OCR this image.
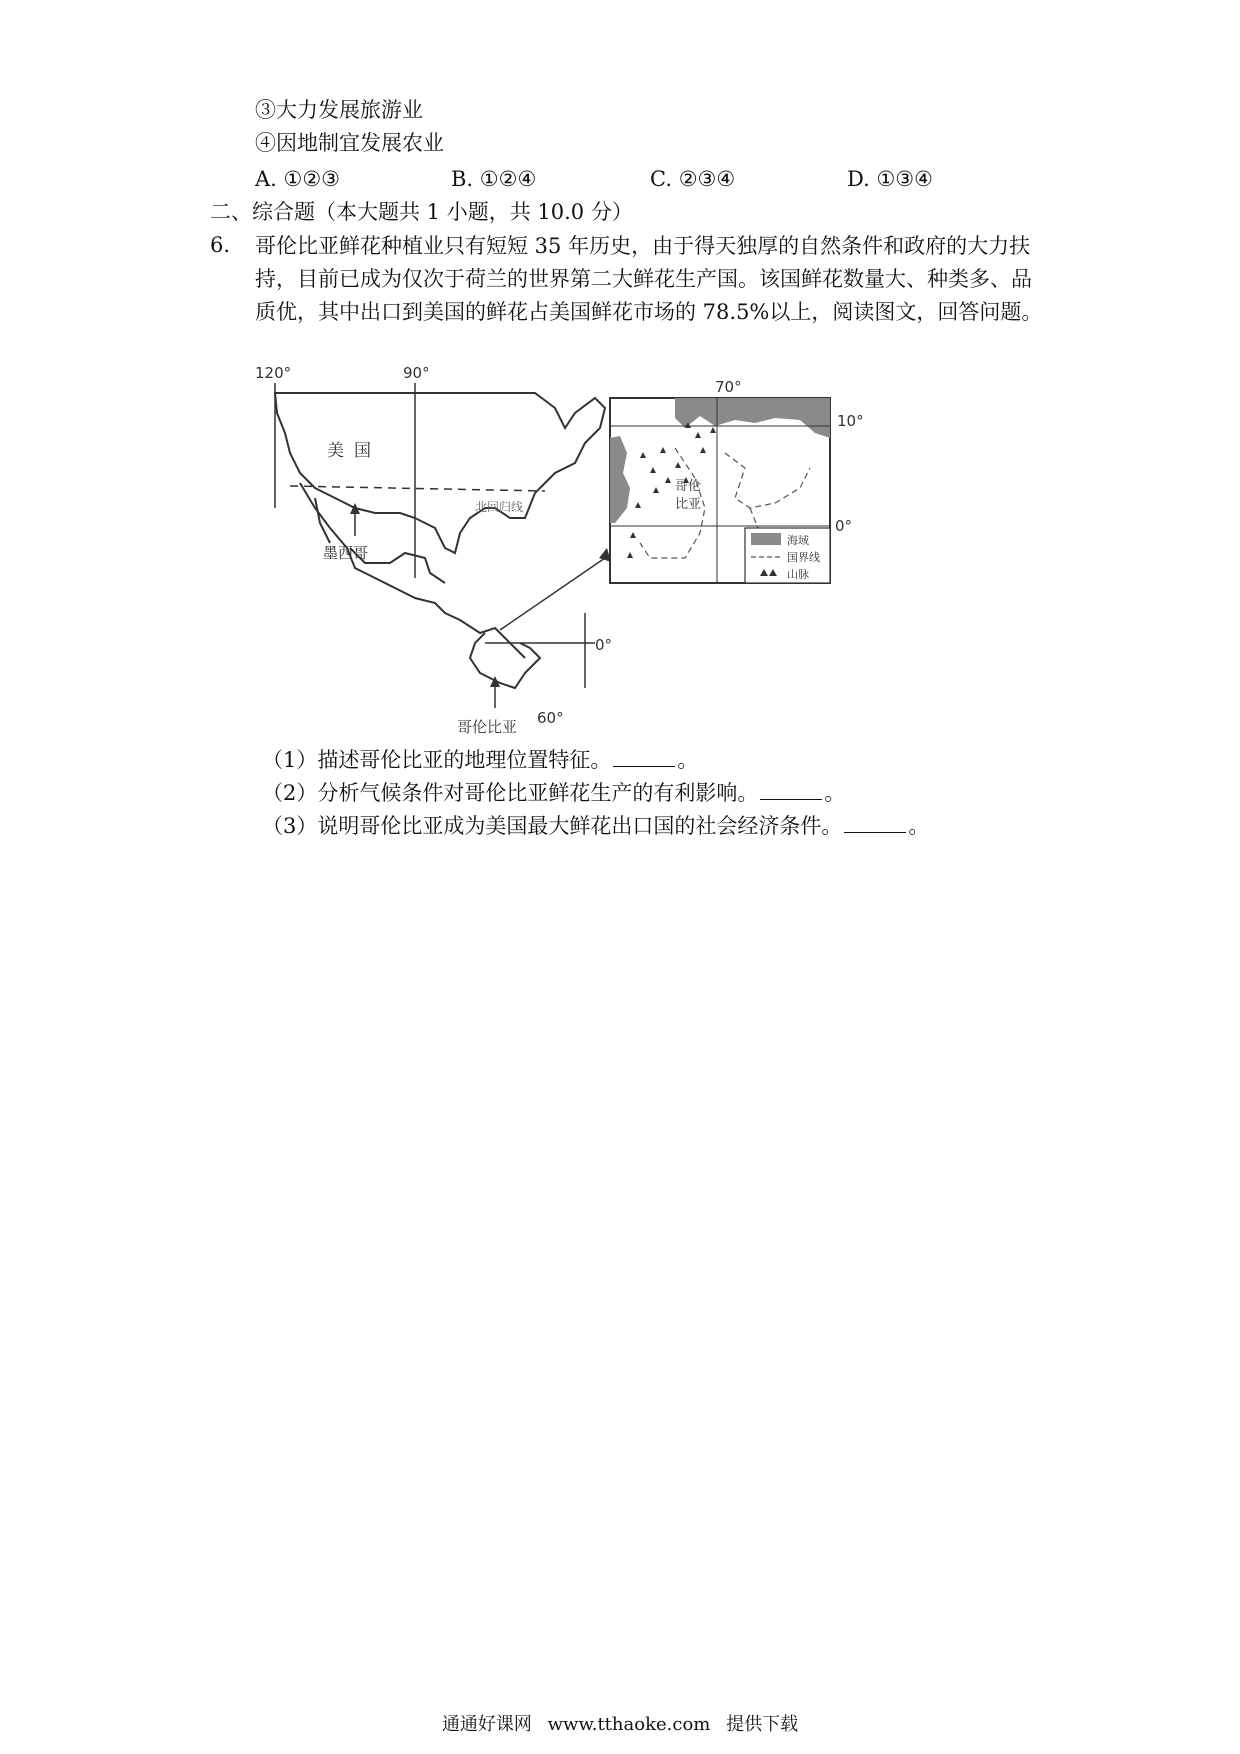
③大力发展旅游业
④因地制宜发展农业
A. ①②③	B. ①②④	C. ②③④	D. ①③④
二、综合题（本大题共 1 小题，共 10.0 分）
6. 哥伦比亚鲜花种植业只有短短 35 年历史，由于得天独厚的自然条件和政府的大力扶持，目前已成为仅次于荷兰的世界第二大鲜花生产国。该国鲜花数量大、种类多、品质优，其中出口到美国的鲜花占美国鲜花市场的 78.5%以上，阅读图文，回答问题。
120°	90°
美国
北回归线
墨西哥
哥伦比亚
0°
60°
哥伦
比亚
70°
10°
0°
海域
国界线
山脉
（1）描述哥伦比亚的地理位置特征。	。
（2）分析气候条件对哥伦比亚鲜花生产的有利影响。	。
（3）说明哥伦比亚成为美国最大鲜花出口国的社会经济条件。	。
通通好课网 www.tthaoke.com 提供下载
